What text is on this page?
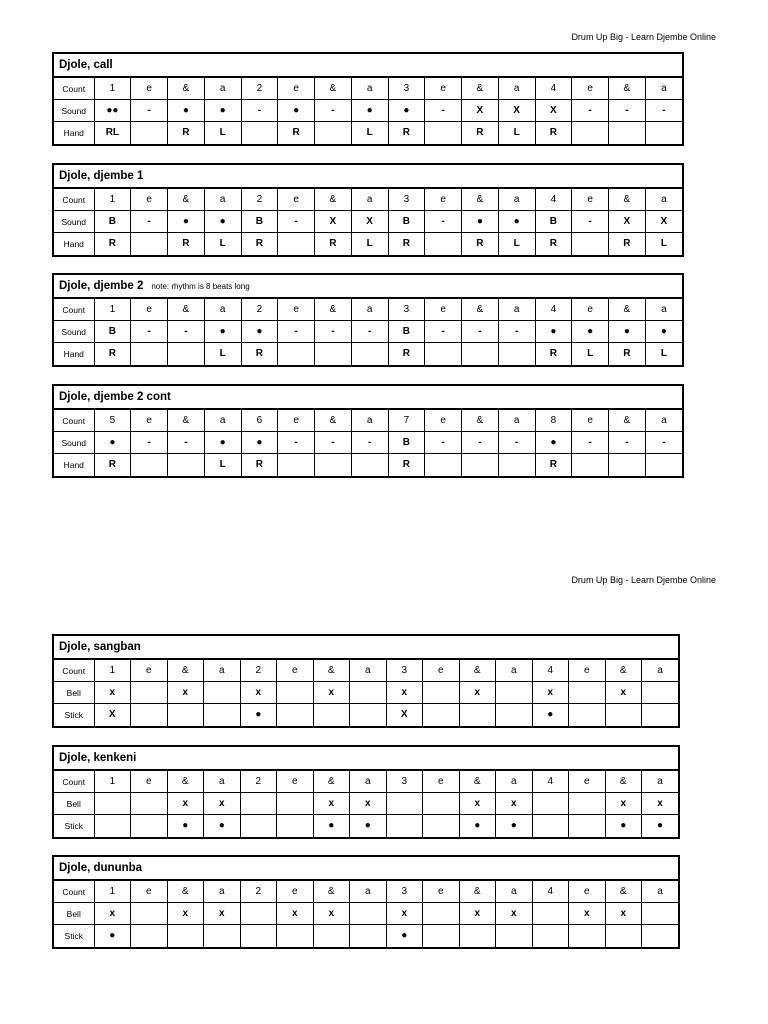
Drum Up Big - Learn Djembe Online
Drum Up Big - Learn Djembe Online
Djole, call
Count	1	e	&	a	2	e	&	a	3	e	&	a	4	e	&	a
Sound	●●	-	●	●	-	●	-	●	●	-	X	X	X	-	-	-
Hand	RL		R	L		R		L	R		R	L	R			
Djole, djembe 1
Count	1	e	&	a	2	e	&	a	3	e	&	a	4	e	&	a
Sound	B	-	●	●	B	-	X	X	B	-	●	●	B	-	X	X
Hand	R		R	L	R		R	L	R		R	L	R		R	L
Djole, djembe 2 note: rhythm is 8 beats long
Count	1	e	&	a	2	e	&	a	3	e	&	a	4	e	&	a
Sound	B	-	-	●	●	-	-	-	B	-	-	-	●	●	●	●
Hand	R			L	R				R				R	L	R	L
Djole, djembe 2 cont
Count	5	e	&	a	6	e	&	a	7	e	&	a	8	e	&	a
Sound	●	-	-	●	●	-	-	-	B	-	-	-	●	-	-	-
Hand	R			L	R				R				R			
Djole, sangban
Count	1	e	&	a	2	e	&	a	3	e	&	a	4	e	&	a
Bell	x		x		x		x		x		x		x		x	
Stick	X				●				X				●			
Djole, kenkeni
Count	1	e	&	a	2	e	&	a	3	e	&	a	4	e	&	a
Bell			x	x			x	x			x	x			x	x
Stick			●	●			●	●			●	●			●	●
Djole, dununba
Count	1	e	&	a	2	e	&	a	3	e	&	a	4	e	&	a
Bell	x		x	x		x	x		x		x	x		x	x	
Stick	●								●							
